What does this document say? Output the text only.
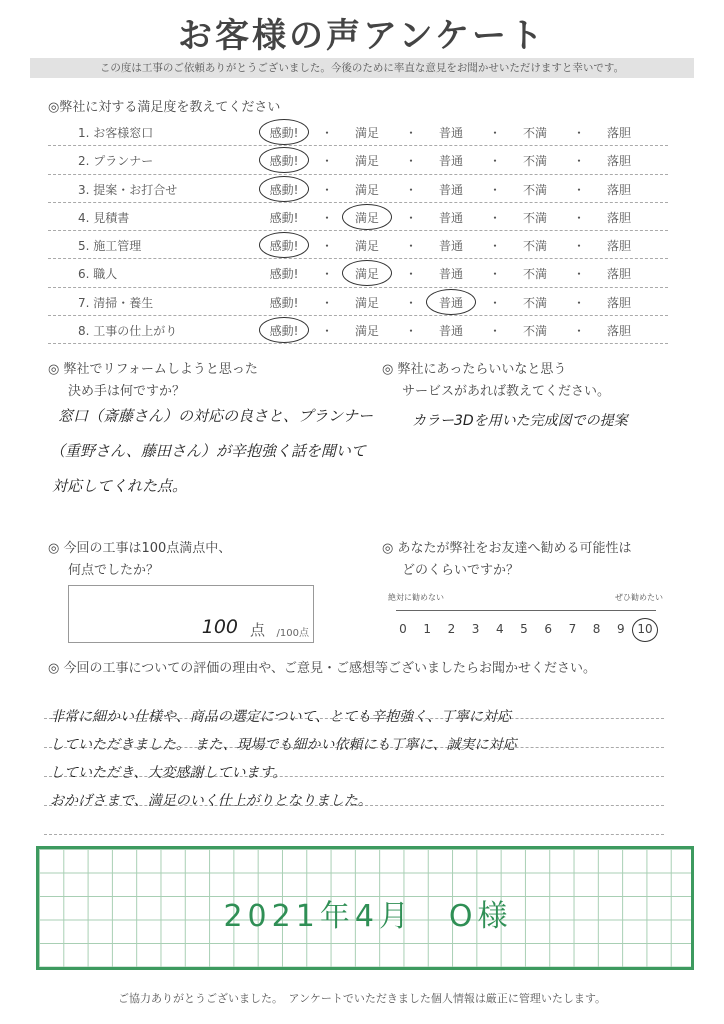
お客様の声アンケート
この度は工事のご依頼ありがとうございました。今後のために率直な意見をお聞かせいただけますと幸いです。
◎弊社に対する満足度を教えてください
1. お客様窓口	感動!	・	満足	・	普通	・	不満	・	落胆
2. プランナー	感動!	・	満足	・	普通	・	不満	・	落胆
3. 提案・お打合せ	感動!	・	満足	・	普通	・	不満	・	落胆
4. 見積書	感動!	・	満足	・	普通	・	不満	・	落胆
5. 施工管理	感動!	・	満足	・	普通	・	不満	・	落胆
6. 職人	感動!	・	満足	・	普通	・	不満	・	落胆
7. 清掃・養生	感動!	・	満足	・	普通	・	不満	・	落胆
8. 工事の仕上がり	感動!	・	満足	・	普通	・	不満	・	落胆
◎ 弊社でリフォームしようと思った
決め手は何ですか？
窓口（斎藤さん）の対応の良さと、プランナー
（重野さん、藤田さん）が辛抱強く話を聞いて
対応してくれた点。
◎ 弊社にあったらいいなと思う
サービスがあれば教えてください。
カラー3Dを用いた完成図での提案
◎ 今回の工事は100点満点中、
何点でしたか？
100 点 /100点
◎ あなたが弊社をお友達へ勧める可能性は
どのくらいですか？
絶対に勧めない	ぜひ勧めたい
0	1	2	3	4	5	6	7	8	9	10
◎ 今回の工事についての評価の理由や、ご意見・ご感想等ございましたらお聞かせください。
非常に細かい仕様や、商品の選定について、とても辛抱強く、丁寧に対応
していただきました。 また、現場でも細かい依頼にも丁寧に、誠実に対応
していただき、大変感謝しています。
おかげさまで、満足のいく仕上がりとなりました。
2021年4月　O様
ご協力ありがとうございました。　アンケートでいただきました個人情報は厳正に管理いたします。
